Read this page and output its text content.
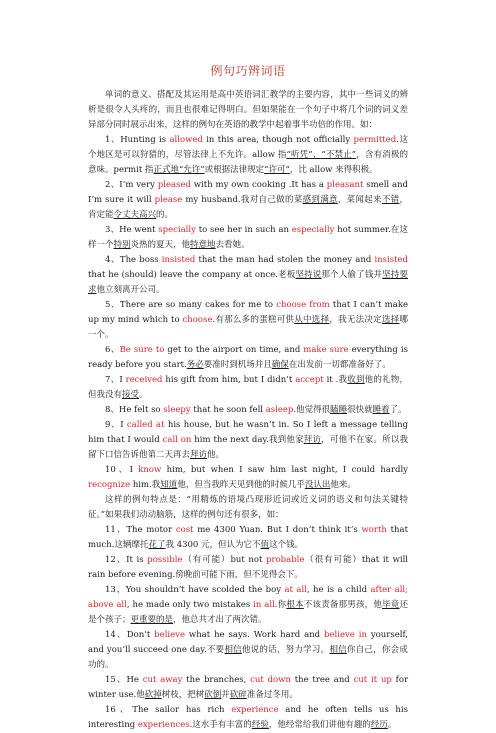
例句巧辨词语

单词的意义、搭配及其运用是高中英语词汇教学的主要内容，其中一些词义的辨析是很令人头疼的，而且也很难记得明白。但如果能在一个句子中将几个词的词义差异部分同时展示出来，这样的例句在英语的教学中起着事半功倍的作用。如：

1、Hunting is allowed in this area, though not officially permitted.这个地区是可以狩猎的，尽管法律上不允许。allow 指“听凭”、“不禁止”，含有消极的意味。permit 指正式地“允许”或根据法律规定“许可”，比 allow 来得积极。

2、I’m very pleased with my own cooking .It has a pleasant smell and I’m sure it will please my husband.我对自己做的菜感到满意，菜闻起来不错，肯定能令丈夫高兴的。

3、He went specially to see her in such an especially hot summer.在这样一个特别炎热的夏天，他特意地去看她。

4、The boss insisted that the man had stolen the money and insisted that he (should) leave the company at once.老板坚持说那个人偷了钱并坚持要求他立刻离开公司。

5、There are so many cakes for me to choose from that I can’t make up my mind which to choose.有那么多的蛋糕可供从中选择，我无法决定选择哪一个。

6、Be sure to get to the airport on time, and make sure everything is ready before you start.务必要准时到机场并且确保在出发前一切都准备好了。

7、I received his gift from him, but I didn’t accept it .我收到他的礼物，但我没有接受。

8、He felt so sleepy that he soon fell asleep.他觉得很瞌睡很快就睡着了。

9、I called at his house, but he wasn’t in. So I left a message telling him that I would call on him the next day.我到他家拜访，可他不在家。所以我留下口信告诉他第二天再去拜访他。

10、I know him, but when I saw him last night, I could hardly recognize him.我知道他，但当我昨天见到他的时候几乎没认出他来。

这样的例句特点是：“用精炼的语境凸现形近词或近义词的语义和句法关键特征。”如果我们动动脑筋，这样的例句还有很多，如：

11、The motor cost me 4300 Yuan. But I don’t think it’s worth that much.这辆摩托花了我 4300 元，但认为它不值这个钱。

12、It is possible（有可能）but not probable（很有可能）that it will rain before evening.傍晚前可能下雨，但不见得会下。

13、You shouldn’t have scolded the boy at all, he is a child after all; above all, he made only two mistakes in all.你根本不该责备那男孩，他毕竟还是个孩子；更重要的是，他总共才出了两次错。

14、Don’t believe what he says. Work hard and believe in yourself, and you’ll succeed one day.不要相信他说的话，努力学习，相信你自己，你会成功的。

15、He cut away the branches, cut down the tree and cut it up for winter use.他砍掉树枝，把树砍倒并砍碎准备过冬用。

16、The sailor has rich experience and he often tells us his interesting experiences.这水手有丰富的经验，他经常给我们讲他有趣的经历。
